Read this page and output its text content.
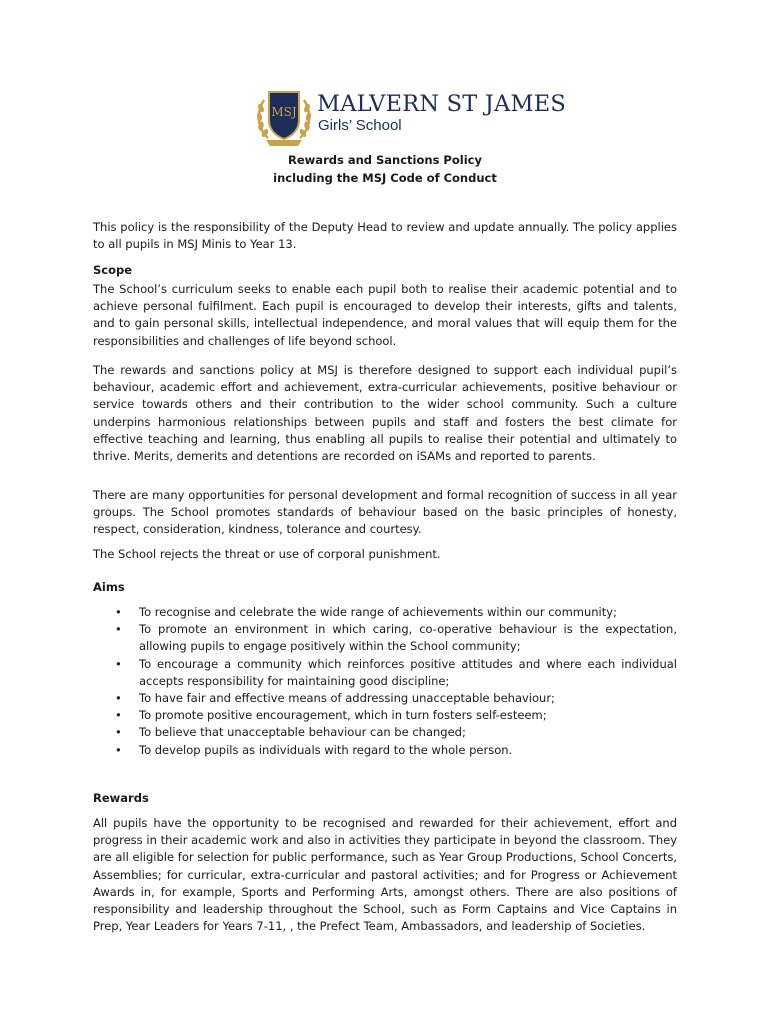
MSJ MALVERN ST JAMES
Girls’ School
Rewards and Sanctions Policy
including the MSJ Code of Conduct

This policy is the responsibility of the Deputy Head to review and update annually. The policy applies to all pupils in MSJ Minis to Year 13.

Scope

The School’s curriculum seeks to enable each pupil both to realise their academic potential and to achieve personal fulfilment. Each pupil is encouraged to develop their interests, gifts and talents, and to gain personal skills, intellectual independence, and moral values that will equip them for the responsibilities and challenges of life beyond school.

The rewards and sanctions policy at MSJ is therefore designed to support each individual pupil’s behaviour, academic effort and achievement, extra-curricular achievements, positive behaviour or service towards others and their contribution to the wider school community. Such a culture underpins harmonious relationships between pupils and staff and fosters the best climate for effective teaching and learning, thus enabling all pupils to realise their potential and ultimately to thrive. Merits, demerits and detentions are recorded on iSAMs and reported to parents.

There are many opportunities for personal development and formal recognition of success in all year groups. The School promotes standards of behaviour based on the basic principles of honesty, respect, consideration, kindness, tolerance and courtesy.

The School rejects the threat or use of corporal punishment.

Aims

• To recognise and celebrate the wide range of achievements within our community;
• To promote an environment in which caring, co-operative behaviour is the expectation, allowing pupils to engage positively within the School community;
• To encourage a community which reinforces positive attitudes and where each individual accepts responsibility for maintaining good discipline;
• To have fair and effective means of addressing unacceptable behaviour;
• To promote positive encouragement, which in turn fosters self-esteem;
• To believe that unacceptable behaviour can be changed;
• To develop pupils as individuals with regard to the whole person.

Rewards

All pupils have the opportunity to be recognised and rewarded for their achievement, effort and progress in their academic work and also in activities they participate in beyond the classroom. They are all eligible for selection for public performance, such as Year Group Productions, School Concerts, Assemblies; for curricular, extra-curricular and pastoral activities; and for Progress or Achievement Awards in, for example, Sports and Performing Arts, amongst others. There are also positions of responsibility and leadership throughout the School, such as Form Captains and Vice Captains in Prep, Year Leaders for Years 7-11, , the Prefect Team, Ambassadors, and leadership of Societies.
